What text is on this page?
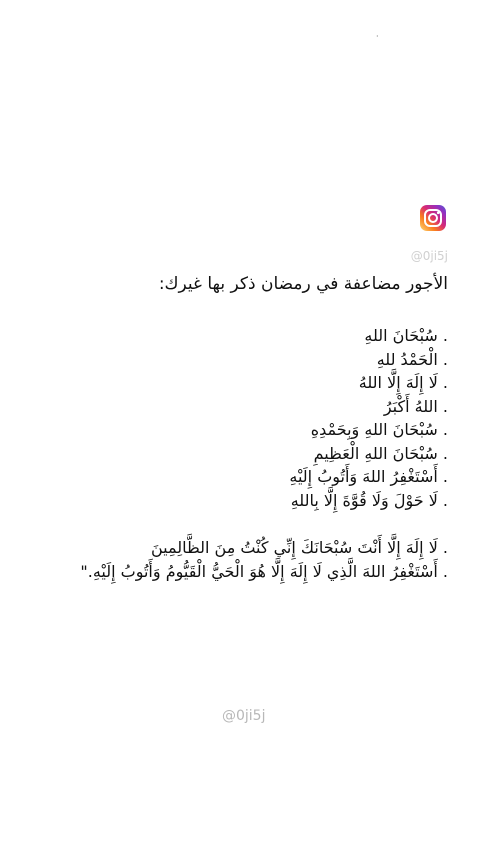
·
@0ji5j
الأجور مضاعفة في رمضان ذكر بها غيرك:
. سُبْحَانَ اللهِ
. الْحَمْدُ للهِ
. لَا إِلَهَ إِلَّا اللهُ
. اللهُ أَكْبَرُ
. سُبْحَانَ اللهِ وَبِحَمْدِهِ
. سُبْحَانَ اللهِ الْعَظِيمِ
. أَسْتَغْفِرُ اللهَ وَأَتُوبُ إِلَيْهِ
. لَا حَوْلَ وَلَا قُوَّةَ إِلَّا بِاللهِ
. لَا إِلَهَ إِلَّا أَنْتَ سُبْحَانَكَ إِنِّي كُنْتُ مِنَ الظَّالِمِينَ
. أَسْتَغْفِرُ اللهَ الَّذِي لَا إِلَهَ إِلَّا هُوَ الْحَيُّ الْقَيُّومُ وَأَتُوبُ إِلَيْهِ."
@0ji5j
